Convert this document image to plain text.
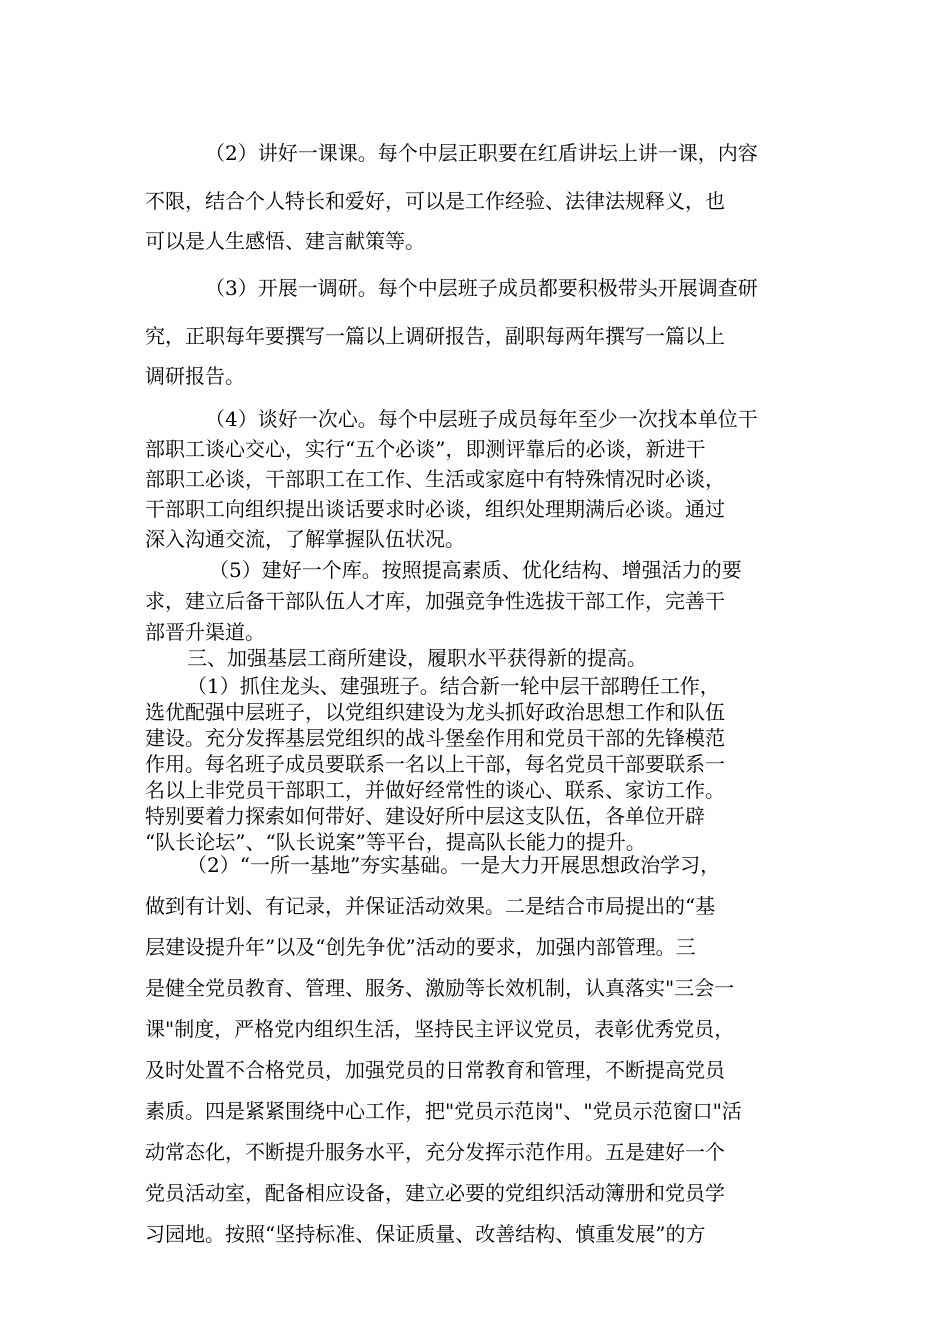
（2）讲好一课课。每个中层正职要在红盾讲坛上讲一课，内容
不限，结合个人特长和爱好，可以是工作经验、法律法规释义，也
可以是人生感悟、建言献策等。

（3）开展一调研。每个中层班子成员都要积极带头开展调查研
究，正职每年要撰写一篇以上调研报告，副职每两年撰写一篇以上
调研报告。

（4）谈好一次心。每个中层班子成员每年至少一次找本单位干
部职工谈心交心，实行“五个必谈”，即测评靠后的必谈，新进干
部职工必谈，干部职工在工作、生活或家庭中有特殊情况时必谈，
干部职工向组织提出谈话要求时必谈，组织处理期满后必谈。通过
深入沟通交流，了解掌握队伍状况。

（5）建好一个库。按照提高素质、优化结构、增强活力的要
求，建立后备干部队伍人才库，加强竞争性选拔干部工作，完善干
部晋升渠道。

三、加强基层工商所建设，履职水平获得新的提高。

（1）抓住龙头、建强班子。结合新一轮中层干部聘任工作，
选优配强中层班子，以党组织建设为龙头抓好政治思想工作和队伍
建设。充分发挥基层党组织的战斗堡垒作用和党员干部的先锋模范
作用。每名班子成员要联系一名以上干部，每名党员干部要联系一
名以上非党员干部职工，并做好经常性的谈心、联系、家访工作。
特别要着力探索如何带好、建设好所中层这支队伍，各单位开辟
“队长论坛”、“队长说案”等平台，提高队长能力的提升。

（2）“一所一基地”夯实基础。一是大力开展思想政治学习，
做到有计划、有记录，并保证活动效果。二是结合市局提出的“基
层建设提升年”以及“创先争优”活动的要求，加强内部管理。三
是健全党员教育、管理、服务、激励等长效机制，认真落实"三会一
课"制度，严格党内组织生活，坚持民主评议党员，表彰优秀党员，
及时处置不合格党员，加强党员的日常教育和管理，不断提高党员
素质。四是紧紧围绕中心工作，把"党员示范岗"、"党员示范窗口"活
动常态化，不断提升服务水平，充分发挥示范作用。五是建好一个
党员活动室，配备相应设备，建立必要的党组织活动簿册和党员学
习园地。按照“坚持标准、保证质量、改善结构、慎重发展”的方
